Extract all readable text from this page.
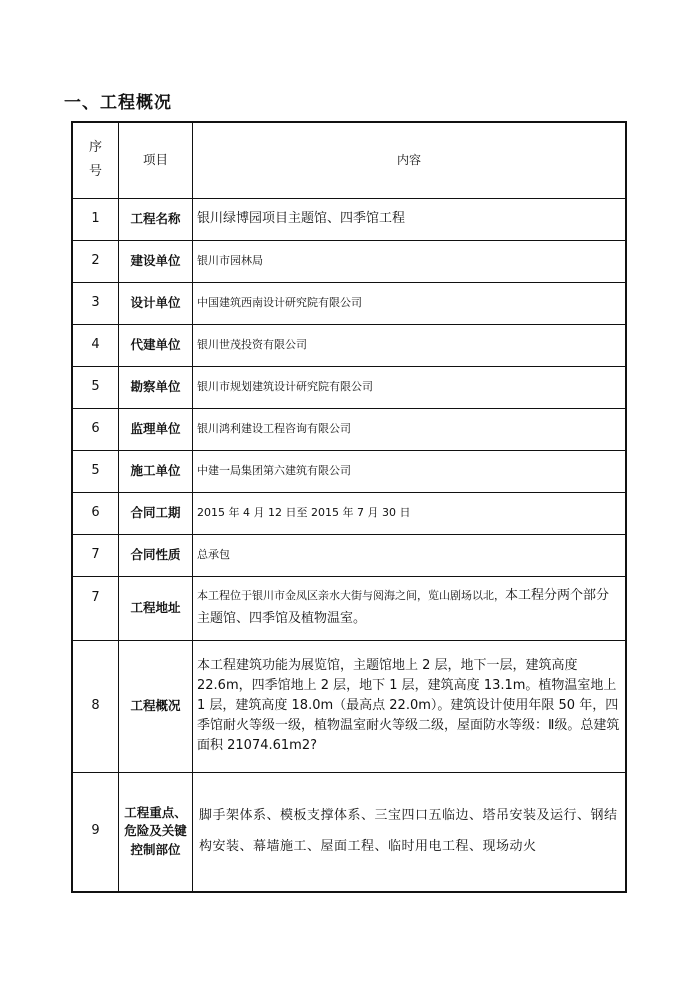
一、工程概况
序
号	项目	内容
1	工程名称	银川绿博园项目主题馆、四季馆工程
2	建设单位	银川市园林局
3	设计单位	中国建筑西南设计研究院有限公司
4	代建单位	银川世茂投资有限公司
5	勘察单位	银川市规划建筑设计研究院有限公司
6	监理单位	银川鸿利建设工程咨询有限公司
5	施工单位	中建一局集团第六建筑有限公司
6	合同工期	2015 年 4 月 12 日至 2015 年 7 月 30 日
7	合同性质	总承包
7	工程地址	本工程位于银川市金凤区亲水大街与阅海之间，览山剧场以北，本工程分两个部分主题馆、四季馆及植物温室。
8	工程概况	本工程建筑功能为展览馆，主题馆地上 2 层，地下一层，建筑高度 22.6m，四季馆地上 2 层，地下 1 层，建筑高度 13.1m。植物温室地上 1 层，建筑高度 18.0m（最高点 22.0m）。建筑设计使用年限 50 年，四季馆耐火等级一级，植物温室耐火等级二级，屋面防水等级：Ⅱ级。总建筑面积 21074.61m2?
9	工程重点、危险及关键控制部位	脚手架体系、模板支撑体系、三宝四口五临边、塔吊安装及运行、钢结构安装、幕墙施工、屋面工程、临时用电工程、现场动火
